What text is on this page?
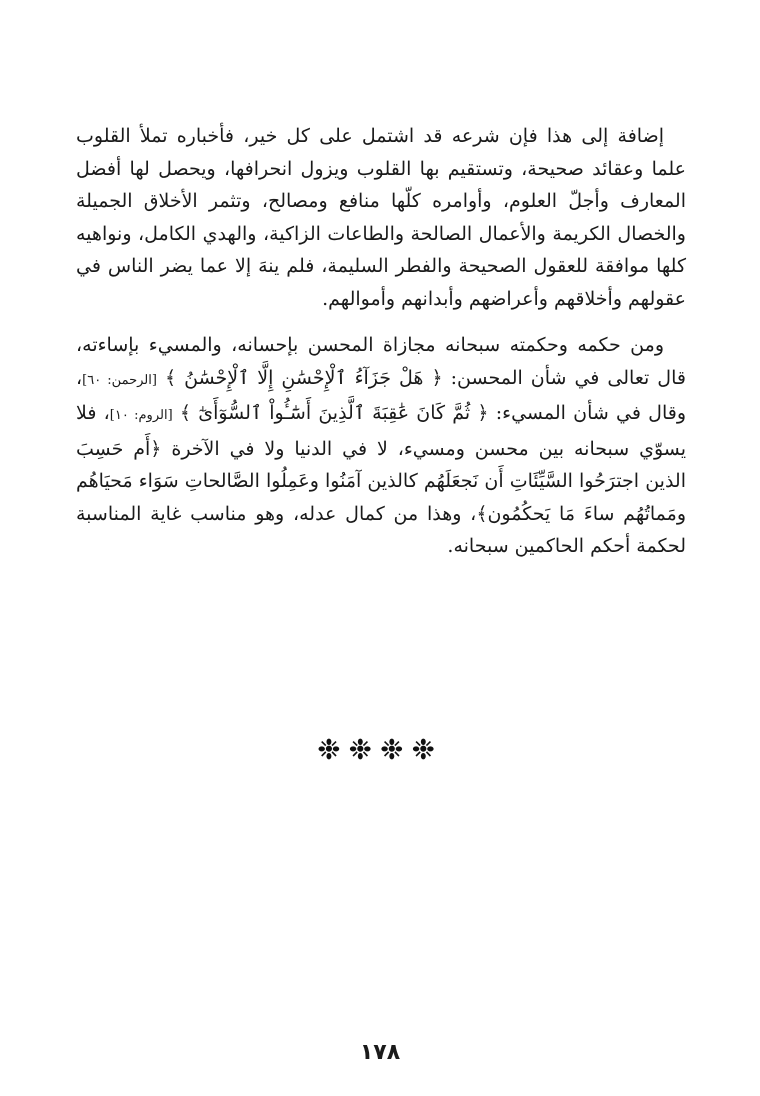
إضافة إلى هذا فإن شرعه قد اشتمل على كل خير، فأخباره تملأ القلوب علما وعقائد صحيحة، وتستقيم بها القلوب ويزول انحرافها، ويحصل لها أفضل المعارف وأجلّ العلوم، وأوامره كلّها منافع ومصالح، وتثمر الأخلاق الجميلة والخصال الكريمة والأعمال الصالحة والطاعات الزاكية، والهدي الكامل، ونواهيه كلها موافقة للعقول الصحيحة والفطر السليمة، فلم ينهَ إلا عما يضر الناس في عقولهم وأخلاقهم وأعراضهم وأبدانهم وأموالهم.

ومن حكمه وحكمته سبحانه مجازاة المحسن بإحسانه، والمسيء بإساءته، قال تعالى في شأن المحسن: ﴿ هَلْ جَزَآءُ ٱلْإِحْسَٰنِ إِلَّا ٱلْإِحْسَٰنُ ﴾ [الرحمن: ٦٠]، وقال في شأن المسيء: ﴿ ثُمَّ كَانَ عَٰقِبَةَ ٱلَّذِينَ أَسَٰٓـُٔواْ ٱلسُّوٓأَىٰٓ ﴾ [الروم: ١٠]، فلا يسوّي سبحانه بين محسن ومسيء، لا في الدنيا ولا في الآخرة ﴿أَم حَسِبَ الذين اجترَحُوا السَّيِّئَاتِ أَن نَجعَلَهُم كالذين آمَنُوا وعَمِلُوا الصَّالحاتِ سَوَاء مَحيَاهُم ومَماتُهُم ساءَ مَا يَحكُمُون﴾، وهذا من كمال عدله، وهو مناسب غاية المناسبة لحكمة أحكم الحاكمين سبحانه.

❉❉❉❉
١٧٨
